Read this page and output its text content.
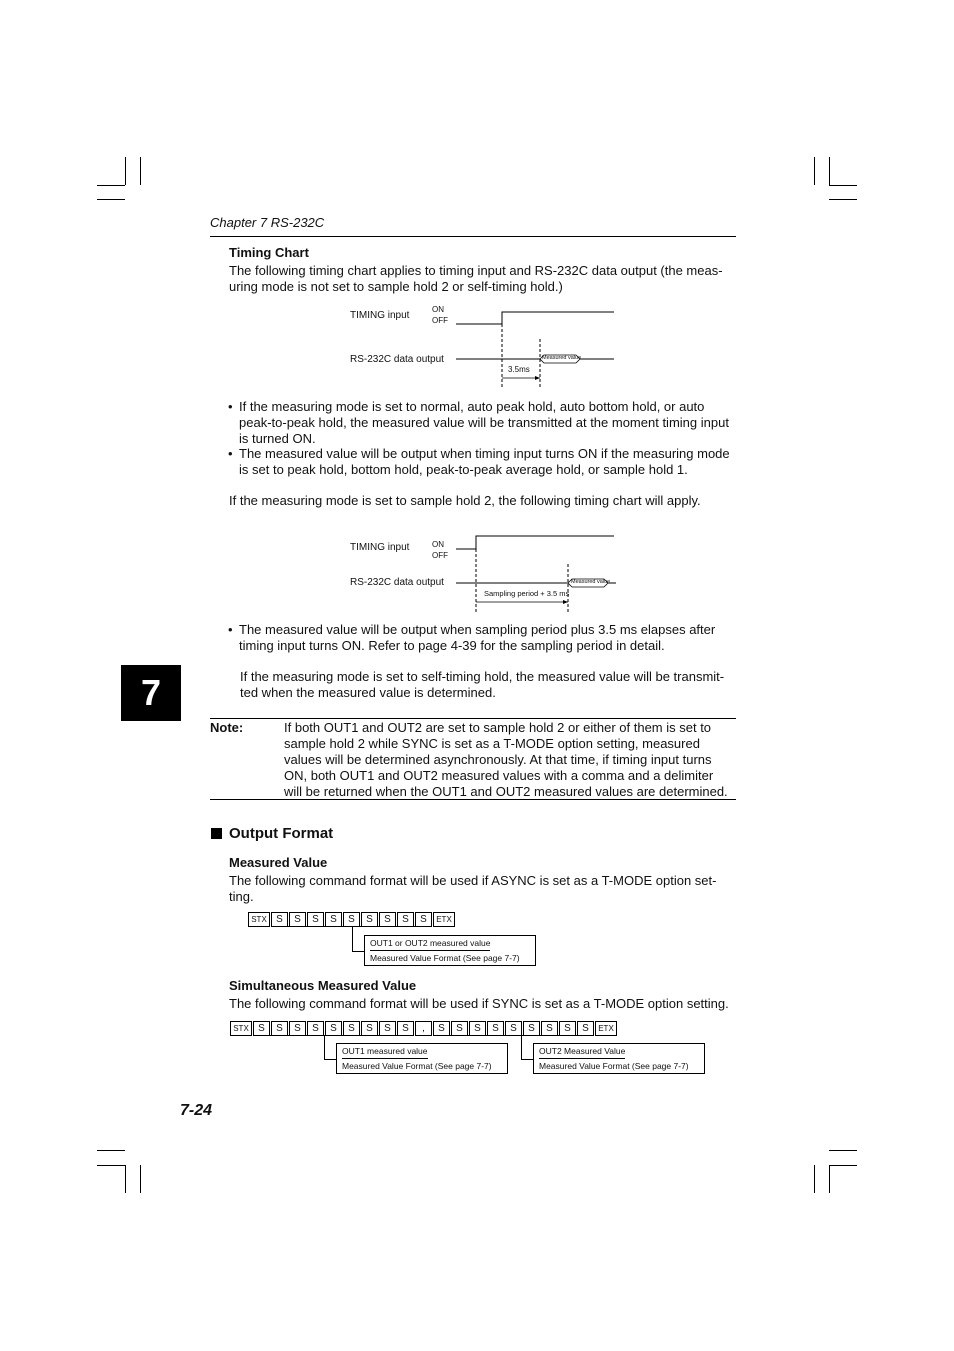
Chapter 7 RS-232C
Timing Chart
The following timing chart applies to timing input and RS-232C data output (the meas-
uring mode is not set to sample hold 2 or self-timing hold.)
TIMING input
ON
OFF
RS-232C data output	Measured value
3.5ms
• If the measuring mode is set to normal, auto peak hold, auto bottom hold, or auto
peak-to-peak hold, the measured value will be transmitted at the moment timing input
is turned ON.
• The measured value will be output when timing input turns ON if the measuring mode
is set to peak hold, bottom hold, peak-to-peak average hold, or sample hold 1.
If the measuring mode is set to sample hold 2, the following timing chart will apply.
TIMING input	ON
OFF
RS-232C data output	Measured value
Sampling period + 3.5 ms
• The measured value will be output when sampling period plus 3.5 ms elapses after
timing input turns ON. Refer to page 4-39 for the sampling period in detail.
If the measuring mode is set to self-timing hold, the measured value will be transmit-
ted when the measured value is determined.
7
Note:	If both OUT1 and OUT2 are set to sample hold 2 or either of them is set to
sample hold 2 while SYNC is set as a T-MODE option setting, measured
values will be determined asynchronously. At that time, if timing input turns
ON, both OUT1 and OUT2 measured values with a comma and a delimiter
will be returned when the OUT1 and OUT2 measured values are determined.
Output Format
Measured Value
The following command format will be used if ASYNC is set as a T-MODE option set-
ting.
STX S	S	S	S	S	S	S	S	S	ETX
OUT1 or OUT2 measured value
Measured Value Format (See page 7-7)
Simultaneous Measured Value
The following command format will be used if SYNC is set as a T-MODE option setting.
STX S	S	S	S	S	S	S	S	S	,	S	S	S	S	S	S	S	S	S	ETX
OUT1 measured value
Measured Value Format (See page 7-7)
OUT2 Measured Value
Measured Value Format (See page 7-7)
7-24
